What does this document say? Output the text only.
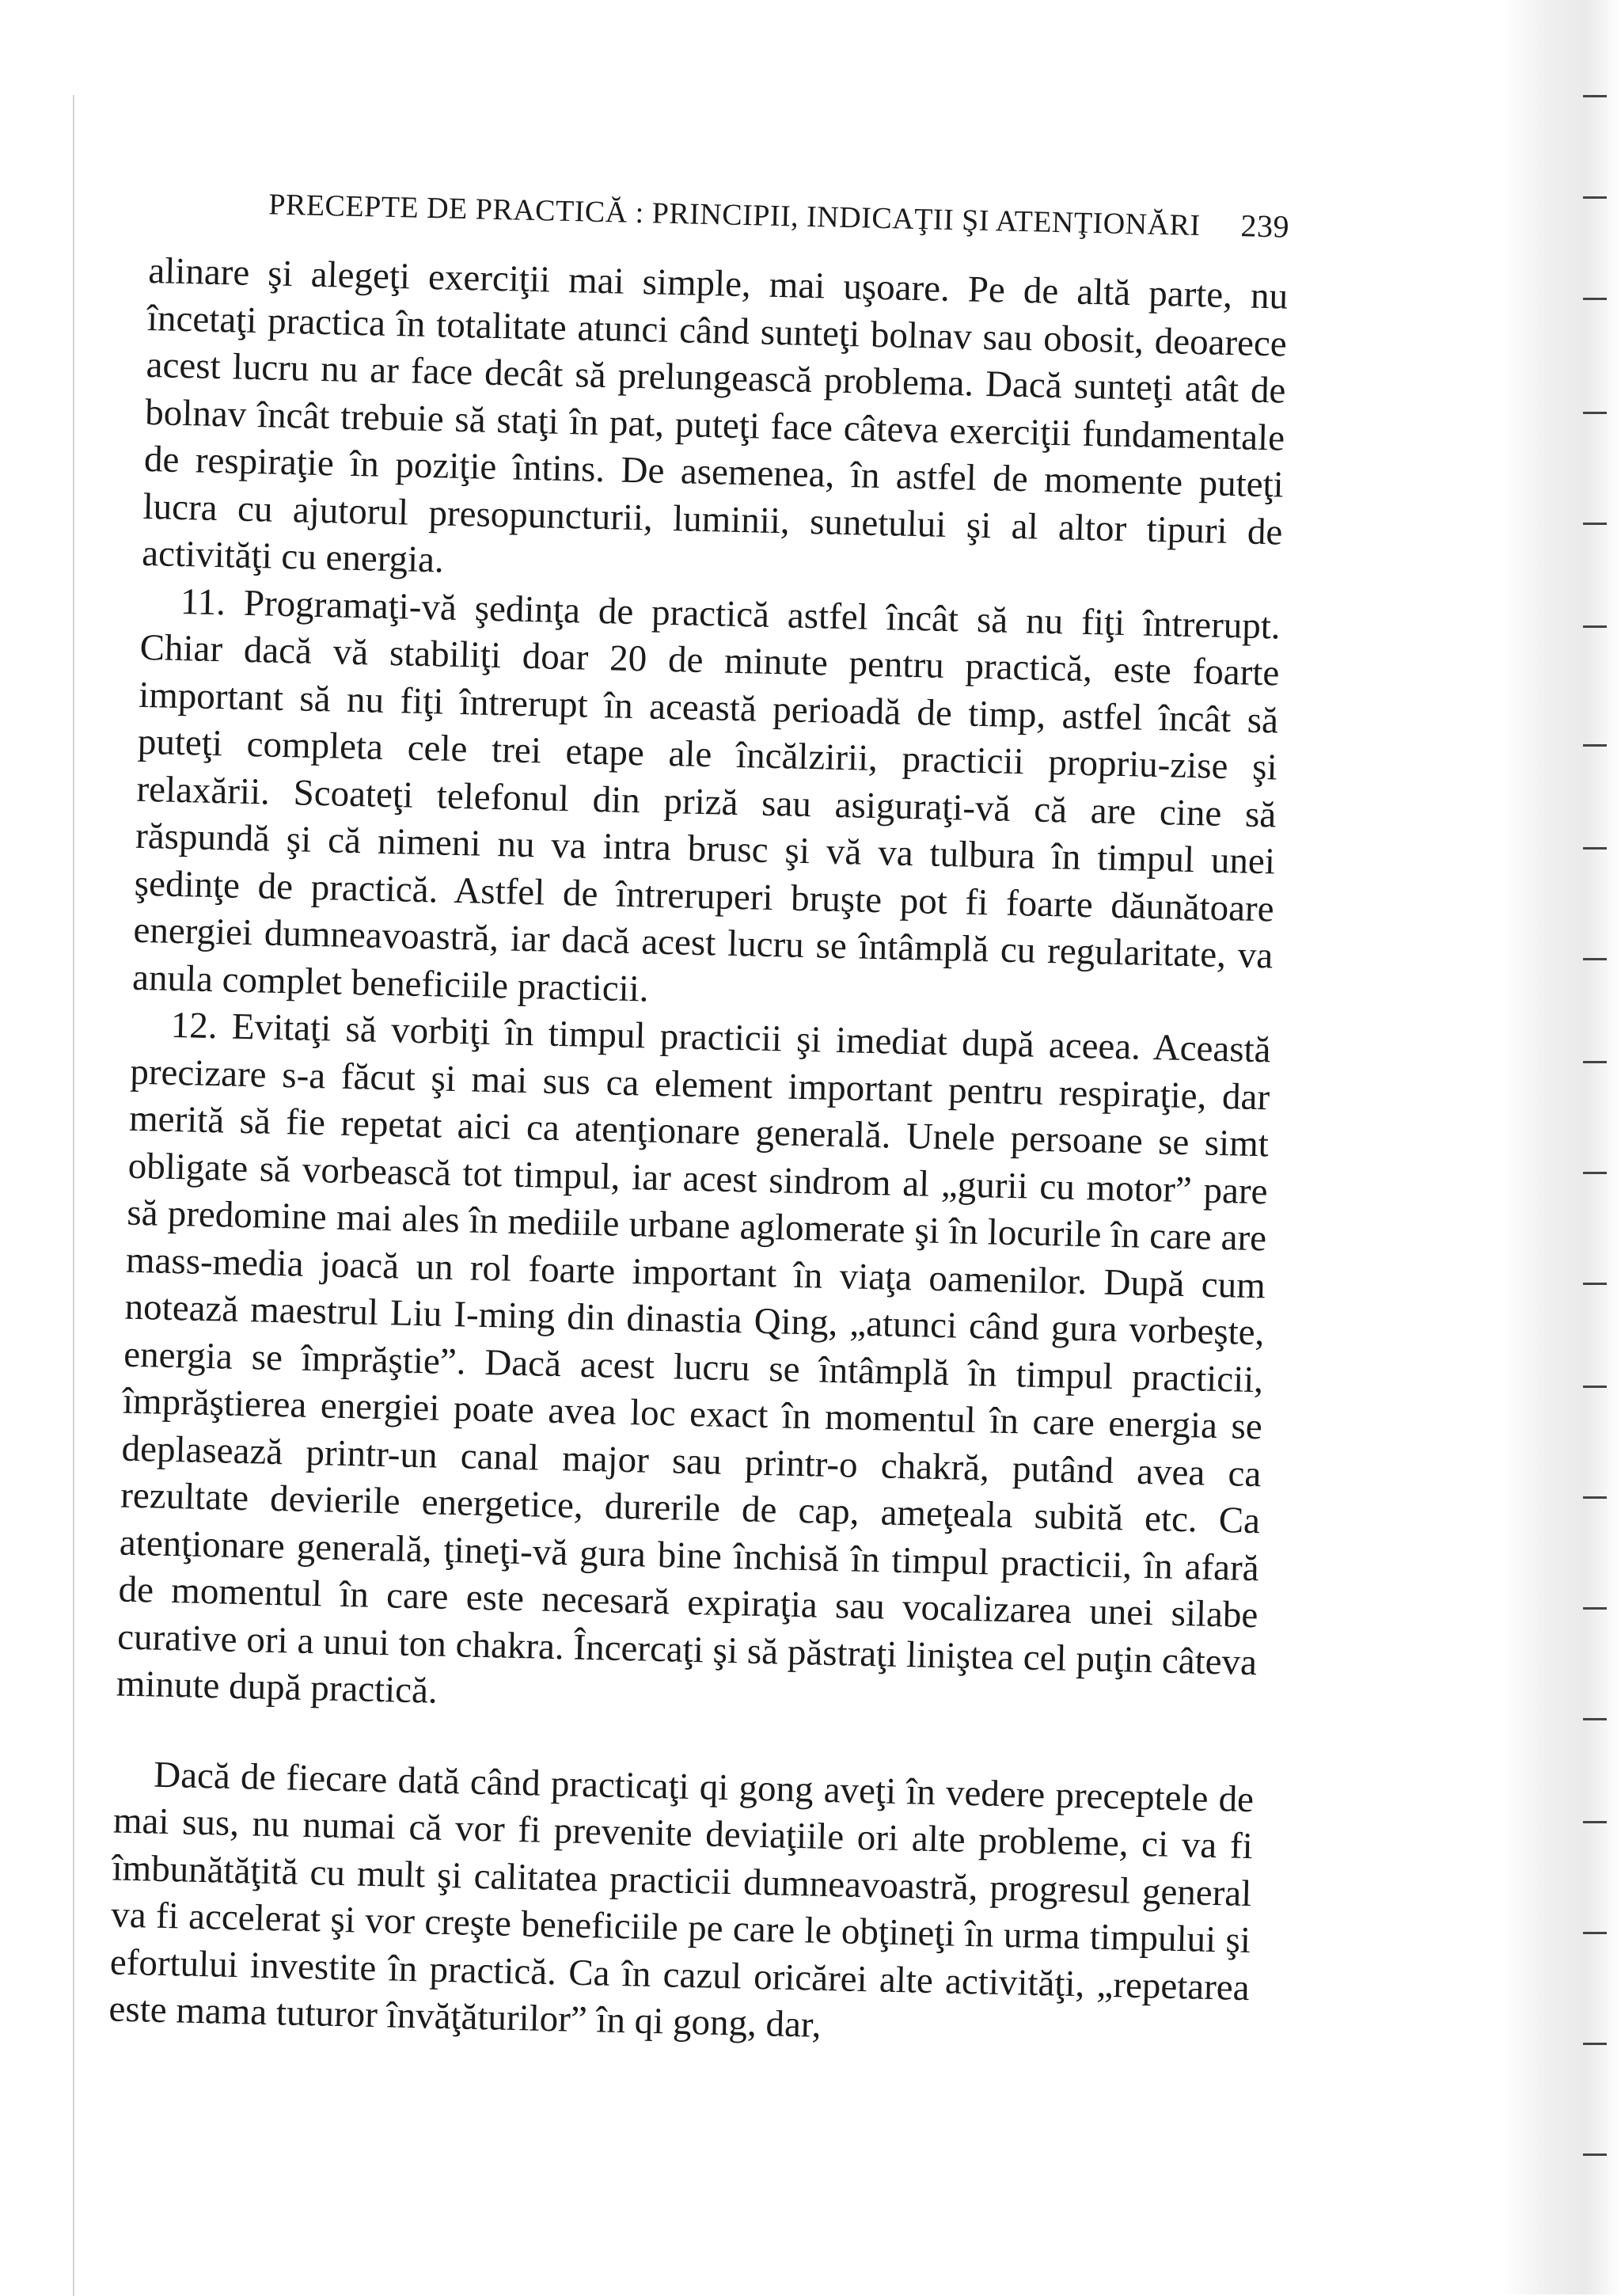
PRECEPTE DE PRACTICĂ : PRINCIPII, INDICAŢII ŞI ATENŢIONĂRI 239

alinare şi alegeţi exerciţii mai simple, mai uşoare. Pe de altă parte, nu încetaţi practica în totalitate atunci când sunteţi bolnav sau obosit, deoarece acest lucru nu ar face decât să prelungească problema. Dacă sunteţi atât de bolnav încât trebuie să staţi în pat, puteţi face câteva exerciţii fundamentale de respiraţie în poziţie întins. De asemenea, în astfel de momente puteţi lucra cu ajutorul presopuncturii, luminii, sunetului şi al altor tipuri de activităţi cu energia.

11. Programaţi-vă şedinţa de practică astfel încât să nu fiţi întrerupt. Chiar dacă vă stabiliţi doar 20 de minute pentru practică, este foarte important să nu fiţi întrerupt în această perioadă de timp, astfel încât să puteţi completa cele trei etape ale încălzirii, practicii propriu-zise şi relaxării. Scoateţi telefonul din priză sau asiguraţi-vă că are cine să răspundă şi că nimeni nu va intra brusc şi vă va tulbura în timpul unei şedinţe de practică. Astfel de întreruperi bruşte pot fi foarte dăunătoare energiei dumneavoastră, iar dacă acest lucru se întâmplă cu regularitate, va anula complet beneficiile practicii.

12. Evitaţi să vorbiţi în timpul practicii şi imediat după aceea. Această precizare s-a făcut şi mai sus ca element important pentru respiraţie, dar merită să fie repetat aici ca atenţionare generală. Unele persoane se simt obligate să vorbească tot timpul, iar acest sindrom al „gurii cu motor” pare să predomine mai ales în mediile urbane aglomerate şi în locurile în care are mass-media joacă un rol foarte important în viaţa oamenilor. După cum notează maestrul Liu I-ming din dinastia Qing, „atunci când gura vorbeşte, energia se împrăştie”. Dacă acest lucru se întâmplă în timpul practicii, împrăştierea energiei poate avea loc exact în momentul în care energia se deplasează printr-un canal major sau printr-o chakră, putând avea ca rezultate devierile energetice, durerile de cap, ameţeala subită etc. Ca atenţionare generală, ţineţi-vă gura bine închisă în timpul practicii, în afară de momentul în care este necesară expiraţia sau vocalizarea unei silabe curative ori a unui ton chakra. Încercaţi şi să păstraţi liniştea cel puţin câteva minute după practică.

Dacă de fiecare dată când practicaţi qi gong aveţi în vedere preceptele de mai sus, nu numai că vor fi prevenite deviaţiile ori alte probleme, ci va fi îmbunătăţită cu mult şi calitatea practicii dumneavoastră, progresul general va fi accelerat şi vor creşte beneficiile pe care le obţineţi în urma timpului şi efortului investite în practică. Ca în cazul oricărei alte activităţi, „repetarea este mama tuturor învăţăturilor” în qi gong, dar,
